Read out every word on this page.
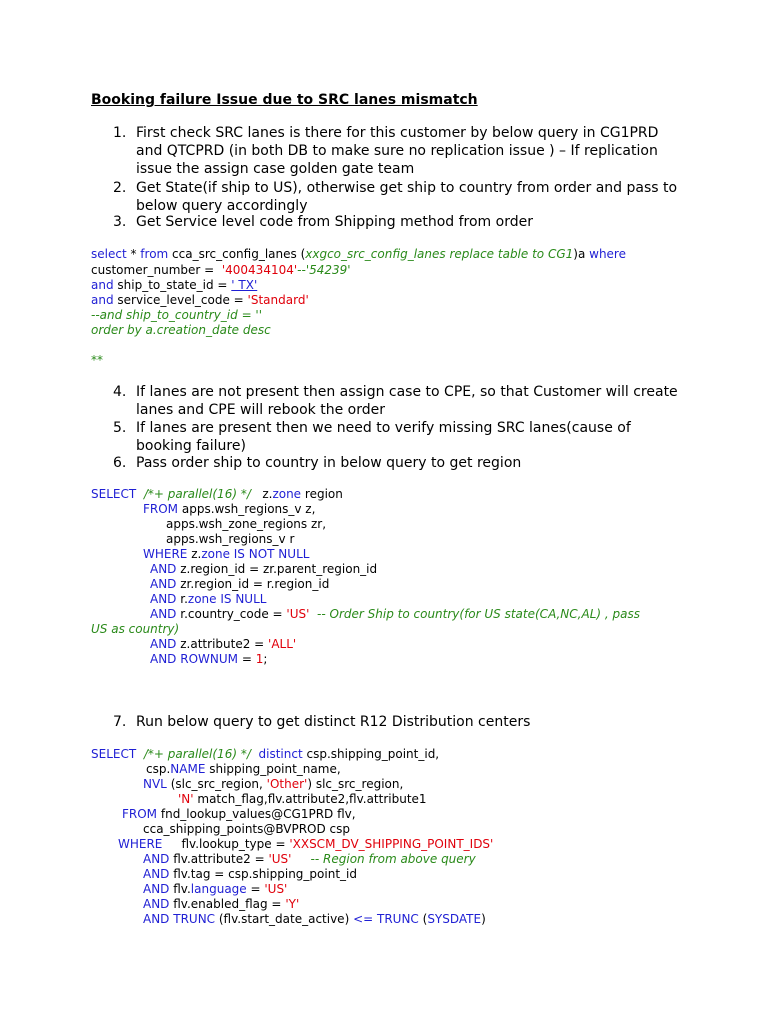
Booking failure Issue due to SRC lanes mismatch
1. First check SRC lanes is there for this customer by below query in CG1PRD
and QTCPRD (in both DB to make sure no replication issue ) – If replication
issue the assign case golden gate team
2. Get State(if ship to US), otherwise get ship to country from order and pass to
below query accordingly
3. Get Service level code from Shipping method from order
select * from cca_src_config_lanes (xxgco_src_config_lanes replace table to CG1)a where
customer_number =  '400434104'--'54239'
and ship_to_state_id = ' TX'
and service_level_code = 'Standard'
--and ship_to_country_id = ''
order by a.creation_date desc
**
4. If lanes are not present then assign case to CPE, so that Customer will create
lanes and CPE will rebook the order
5. If lanes are present then we need to verify missing SRC lanes(cause of
booking failure)
6. Pass order ship to country in below query to get region
SELECT  /*+ parallel(16) */   z.zone region
FROM apps.wsh_regions_v z,
apps.wsh_zone_regions zr,
apps.wsh_regions_v r
WHERE z.zone IS NOT NULL
AND z.region_id = zr.parent_region_id
AND zr.region_id = r.region_id
AND r.zone IS NULL
AND r.country_code = 'US'  -- Order Ship to country(for US state(CA,NC,AL) , pass
US as country)
AND z.attribute2 = 'ALL'
AND ROWNUM = 1;
7. Run below query to get distinct R12 Distribution centers
SELECT  /*+ parallel(16) */ distinct csp.shipping_point_id,
csp.NAME shipping_point_name,
NVL (slc_src_region, 'Other') slc_src_region,
'N' match_flag,flv.attribute2,flv.attribute1
FROM fnd_lookup_values@CG1PRD flv,
cca_shipping_points@BVPROD csp
WHERE     flv.lookup_type = 'XXSCM_DV_SHIPPING_POINT_IDS'
AND flv.attribute2 = 'US'     -- Region from above query
AND flv.tag = csp.shipping_point_id
AND flv.language = 'US'
AND flv.enabled_flag = 'Y'
AND TRUNC (flv.start_date_active) <= TRUNC (SYSDATE)
